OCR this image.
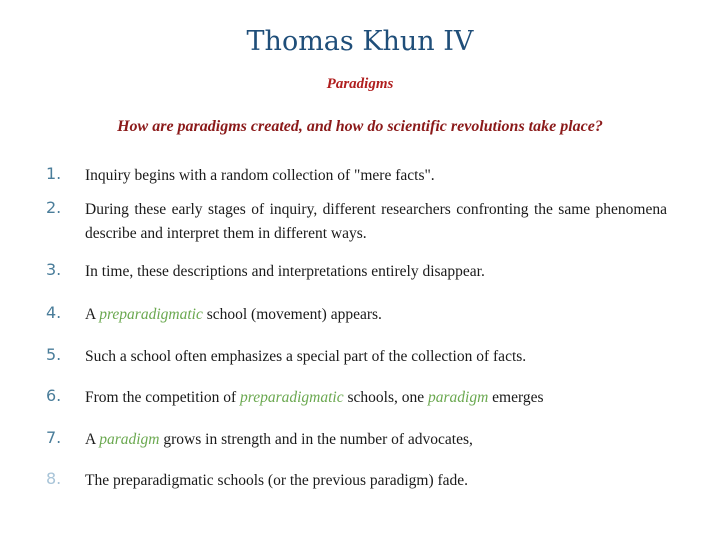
Thomas Khun IV
Paradigms
How are paradigms created, and how do scientific revolutions take place?
1. Inquiry begins with a random collection of "mere facts".
2. During these early stages of inquiry, different researchers confronting the same phenomena describe and interpret them in different ways.
3. In time, these descriptions and interpretations entirely disappear.
4. A preparadigmatic school (movement) appears.
5. Such a school often emphasizes a special part of the collection of facts.
6. From the competition of preparadigmatic schools, one paradigm emerges
7. A paradigm grows in strength and in the number of advocates,
8. The preparadigmatic schools (or the previous paradigm) fade.
